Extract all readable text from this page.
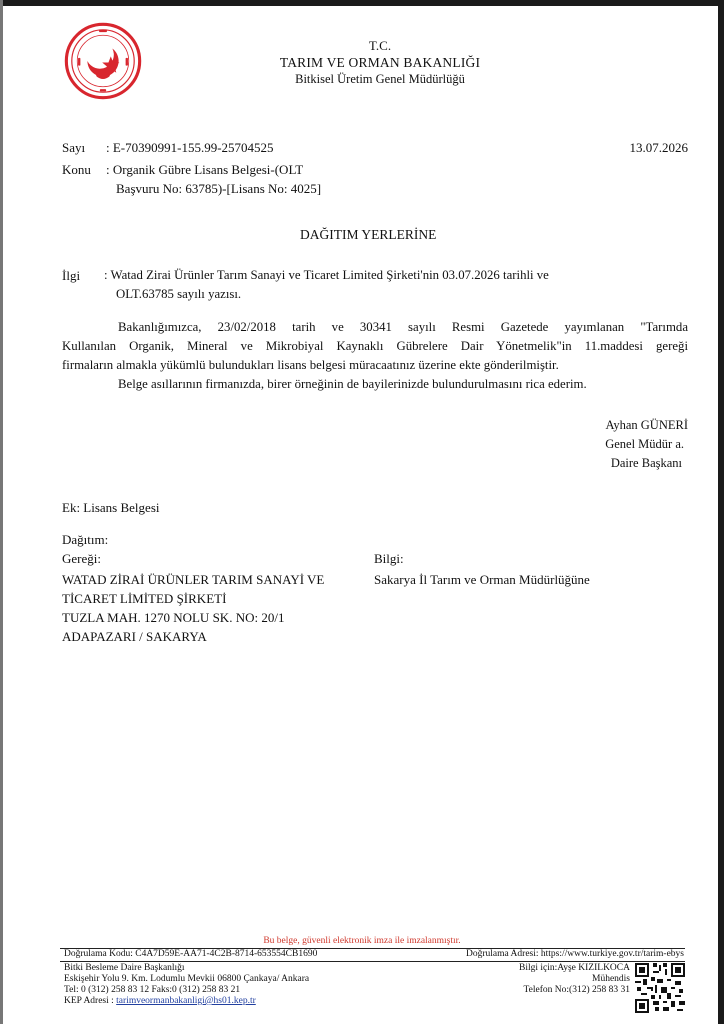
T.C.
TARIM VE ORMAN BAKANLIĞI
Bitkisel Üretim Genel Müdürlüğü
Sayı : E-70390991-155.99-25704525	13.07.2026
Konu : Organik Gübre Lisans Belgesi-(OLT
Başvuru No: 63785)-[Lisans No: 4025]
DAĞITIM YERLERİNE
İlgi : Watad Zirai Ürünler Tarım Sanayi ve Ticaret Limited Şirketi'nin 03.07.2026 tarihli ve
OLT.63785 sayılı yazısı.
Bakanlığımızca, 23/02/2018 tarih ve 30341 sayılı Resmi Gazetede yayımlanan "Tarımda
Kullanılan Organik, Mineral ve Mikrobiyal Kaynaklı Gübrelere Dair Yönetmelik"in 11.maddesi gereği
firmaların almakla yükümlü bulundukları lisans belgesi müracaatınız üzerine ekte gönderilmiştir.
Belge asıllarının firmanızda, birer örneğinin de bayilerinizde bulundurulmasını rica ederim.
Ayhan GÜNERİ
Genel Müdür a.
Daire Başkanı
Ek: Lisans Belgesi
Dağıtım:
Gereği:	Bilgi:
WATAD ZİRAİ ÜRÜNLER TARIM SANAYİ VE
TİCARET LİMİTED ŞİRKETİ
TUZLA MAH. 1270 NOLU SK. NO: 20/1
ADAPAZARI / SAKARYA
Sakarya İl Tarım ve Orman Müdürlüğüne
Bu belge, güvenli elektronik imza ile imzalanmıştır.
Doğrulama Kodu: C4A7D59E-AA71-4C2B-8714-653554CB1690	Doğrulama Adresi: https://www.turkiye.gov.tr/tarim-ebys
Bitki Besleme Daire Başkanlığı
Eskişehir Yolu 9. Km. Lodumlu Mevkii 06800 Çankaya/ Ankara
Tel: 0 (312) 258 83 12 Faks:0 (312) 258 83 21
KEP Adresi : tarimveormanbakanligi@hs01.kep.tr
Bilgi için:Ayşe KIZILKOCA
Mühendis
Telefon No:(312) 258 83 31
